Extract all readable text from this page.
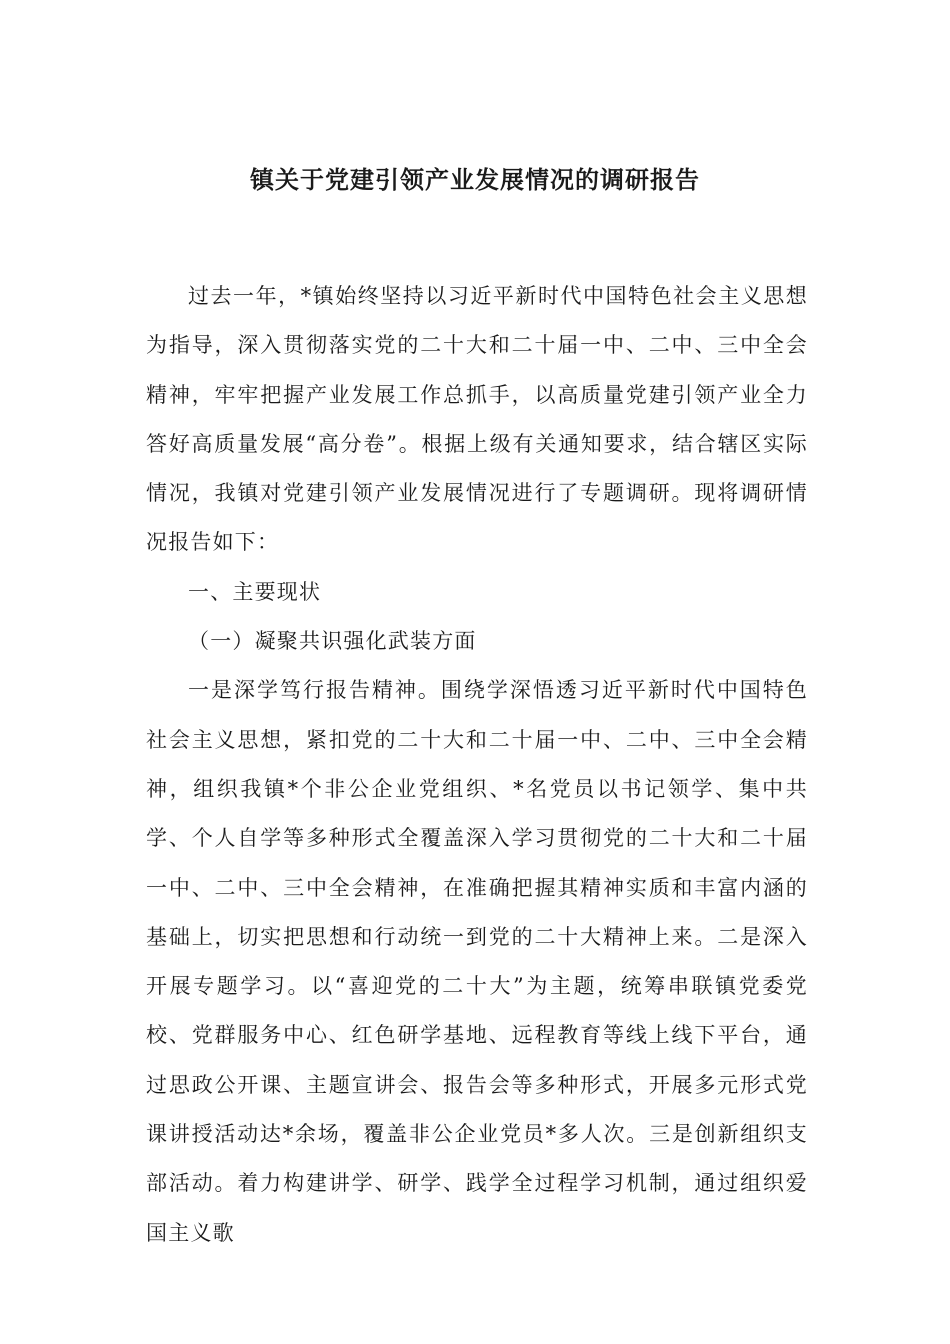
镇关于党建引领产业发展情况的调研报告

过去一年，*镇始终坚持以习近平新时代中国特色社会主义思想为指导，深入贯彻落实党的二十大和二十届一中、二中、三中全会精神，牢牢把握产业发展工作总抓手，以高质量党建引领产业全力答好高质量发展“高分卷”。根据上级有关通知要求，结合辖区实际情况，我镇对党建引领产业发展情况进行了专题调研。现将调研情况报告如下：

一、主要现状

（一）凝聚共识强化武装方面

一是深学笃行报告精神。围绕学深悟透习近平新时代中国特色社会主义思想，紧扣党的二十大和二十届一中、二中、三中全会精神，组织我镇*个非公企业党组织、*名党员以书记领学、集中共学、个人自学等多种形式全覆盖深入学习贯彻党的二十大和二十届一中、二中、三中全会精神，在准确把握其精神实质和丰富内涵的基础上，切实把思想和行动统一到党的二十大精神上来。二是深入开展专题学习。以“喜迎党的二十大”为主题，统筹串联镇党委党校、党群服务中心、红色研学基地、远程教育等线上线下平台，通过思政公开课、主题宣讲会、报告会等多种形式，开展多元形式党课讲授活动达*余场，覆盖非公企业党员*多人次。三是创新组织支部活动。着力构建讲学、研学、践学全过程学习机制，通过组织爱国主义歌
